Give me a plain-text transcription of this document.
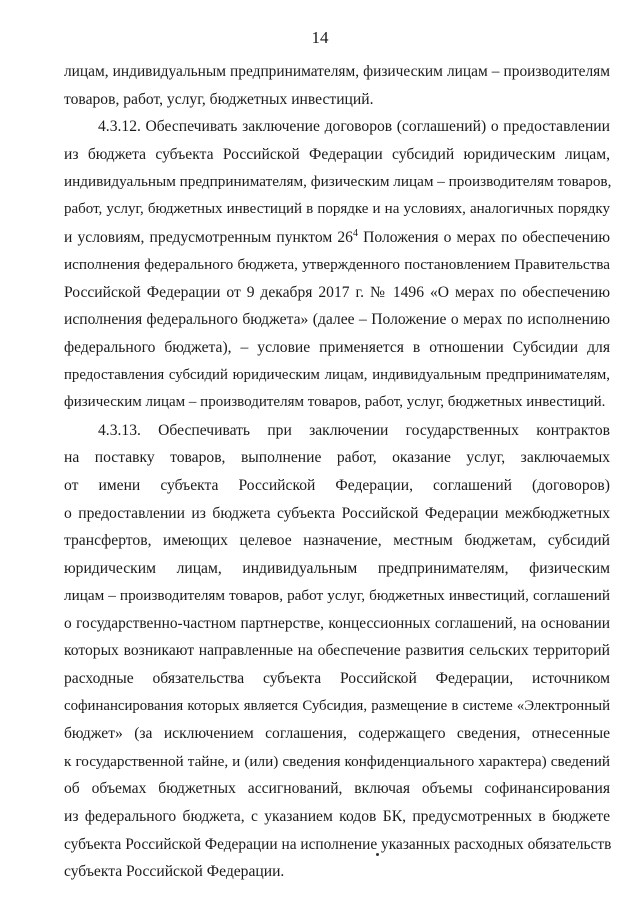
14
лицам, индивидуальным предпринимателям, физическим лицам – производителям
товаров, работ, услуг, бюджетных инвестиций.
4.3.12. Обеспечивать заключение договоров (соглашений) о предоставлении
из бюджета субъекта Российской Федерации субсидий юридическим лицам,
индивидуальным предпринимателям, физическим лицам – производителям товаров,
работ, услуг, бюджетных инвестиций в порядке и на условиях, аналогичных порядку
и условиям, предусмотренным пунктом $26^4$ Положения о мерах по обеспечению
исполнения федерального бюджета, утвержденного постановлением Правительства
Российской Федерации от 9 декабря 2017 г. № 1496 «О мерах по обеспечению
исполнения федерального бюджета» (далее – Положение о мерах по исполнению
федерального бюджета), – условие применяется в отношении Субсидии для
предоставления субсидий юридическим лицам, индивидуальным предпринимателям,
физическим лицам – производителям товаров, работ, услуг, бюджетных инвестиций.
4.3.13. Обеспечивать при заключении государственных контрактов
на поставку товаров, выполнение работ, оказание услуг, заключаемых
от имени субъекта Российской Федерации, соглашений (договоров)
о предоставлении из бюджета субъекта Российской Федерации межбюджетных
трансфертов, имеющих целевое назначение, местным бюджетам, субсидий
юридическим лицам, индивидуальным предпринимателям, физическим
лицам – производителям товаров, работ услуг, бюджетных инвестиций, соглашений
о государственно-частном партнерстве, концессионных соглашений, на основании
которых возникают направленные на обеспечение развития сельских территорий
расходные обязательства субъекта Российской Федерации, источником
софинансирования которых является Субсидия, размещение в системе «Электронный
бюджет» (за исключением соглашения, содержащего сведения, отнесенные
к государственной тайне, и (или) сведения конфиденциального характера) сведений
об объемах бюджетных ассигнований, включая объемы софинансирования
из федерального бюджета, с указанием кодов БК, предусмотренных в бюджете
субъекта Российской Федерации на исполнение указанных расходных обязательств
субъекта Российской Федерации.
